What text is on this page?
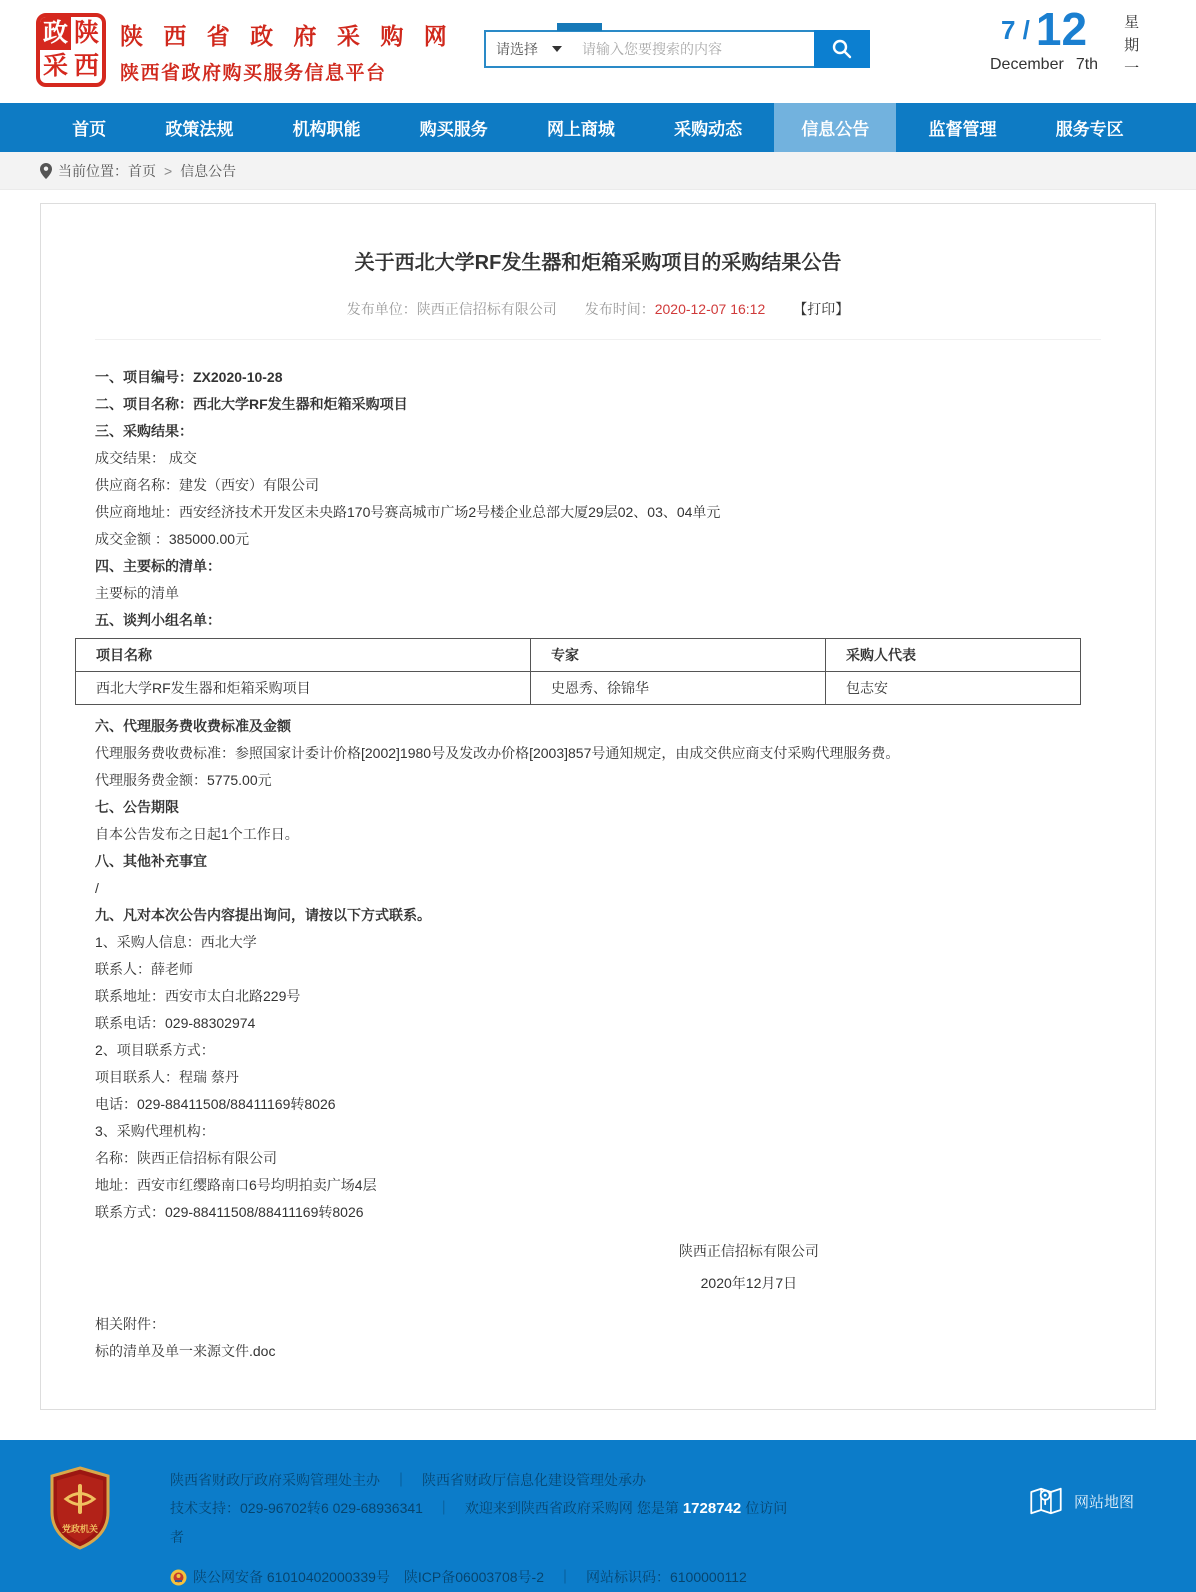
政 陕
采 西
陕 西 省 政 府 采 购 网
陕西省政府购买服务信息平台
请选择
请输入您要搜索的内容
7 / 12
December 7th 星期一
首页	政策法规	机构职能	购买服务	网上商城	采购动态	信息公告	监督管理	服务专区
当前位置： 首页 > 信息公告
关于西北大学RF发生器和炬箱采购项目的采购结果公告
发布单位：陕西正信招标有限公司 发布时间：2020-12-07 16:12 【打印】

一、项目编号：ZX2020-10-28

二、项目名称：西北大学RF发生器和炬箱采购项目

三、采购结果：

成交结果： 成交

供应商名称：建发（西安）有限公司

供应商地址：西安经济技术开发区未央路170号赛高城市广场2号楼企业总部大厦29层02、03、04单元

成交金额 ：385000.00元

四、主要标的清单：

主要标的清单

五、谈判小组名单：

项目名称	专家	采购人代表
西北大学RF发生器和炬箱采购项目	史恩秀、徐锦华	包志安

六、代理服务费收费标准及金额

代理服务费收费标准：参照国家计委计价格[2002]1980号及发改办价格[2003]857号通知规定，由成交供应商支付采购代理服务费。

代理服务费金额：5775.00元

七、公告期限

自本公告发布之日起1个工作日。

八、其他补充事宜

/

九、凡对本次公告内容提出询问，请按以下方式联系。

1、采购人信息：西北大学

联系人：薛老师

联系地址：西安市太白北路229号

联系电话：029-88302974

2、项目联系方式：

项目联系人：程瑞 蔡丹

电话：029-88411508/88411169转8026

3、采购代理机构：

名称：陕西正信招标有限公司

地址：西安市红缨路南口6号均明拍卖广场4层

联系方式：029-88411508/88411169转8026

陕西正信招标有限公司

2020年12月7日

相关附件：

标的清单及单一来源文件.doc

党政机关
陕西省财政厅政府采购管理处主办　｜　陕西省财政厅信息化建设管理处承办
技术支持：029-96702转6 029-68936341　｜　欢迎来到陕西省政府采购网 您是第 1728742 位访问
者
陕公网安备 61010402000339号 陕ICP备06003708号-2 ｜ 网站标识码：6100000112
网站地图
